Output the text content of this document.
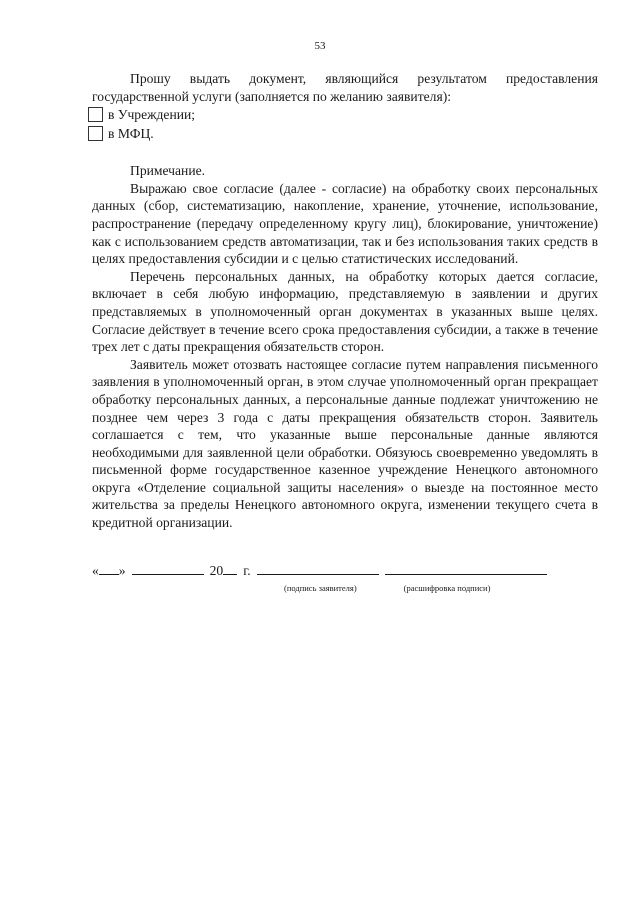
53

Прошу выдать документ, являющийся результатом предоставления государственной услуги (заполняется по желанию заявителя):

в Учреждении;
в МФЦ.

Примечание.

Выражаю свое согласие (далее - согласие) на обработку своих персональных данных (сбор, систематизацию, накопление, хранение, уточнение, использование, распространение (передачу определенному кругу лиц), блокирование, уничтожение) как с использованием средств автоматизации, так и без использования таких средств в целях предоставления субсидии и с целью статистических исследований.

Перечень персональных данных, на обработку которых дается согласие, включает в себя любую информацию, представляемую в заявлении и других представляемых в уполномоченный орган документах в указанных выше целях. Согласие действует в течение всего срока предоставления субсидии, а также в течение трех лет с даты прекращения обязательств сторон.

Заявитель может отозвать настоящее согласие путем направления письменного заявления в уполномоченный орган, в этом случае уполномоченный орган прекращает обработку персональных данных, а персональные данные подлежат уничтожению не позднее чем через 3 года с даты прекращения обязательств сторон. Заявитель соглашается с тем, что указанные выше персональные данные являются необходимыми для заявленной цели обработки. Обязуюсь своевременно уведомлять в письменной форме государственное казенное учреждение Ненецкого автономного округа «Отделение социальной защиты населения» о выезде на постоянное место жительства за пределы Ненецкого автономного округа, изменении текущего счета в кредитной организации.

« »	20 г.
(подпись заявителя)	(расшифровка подписи)
